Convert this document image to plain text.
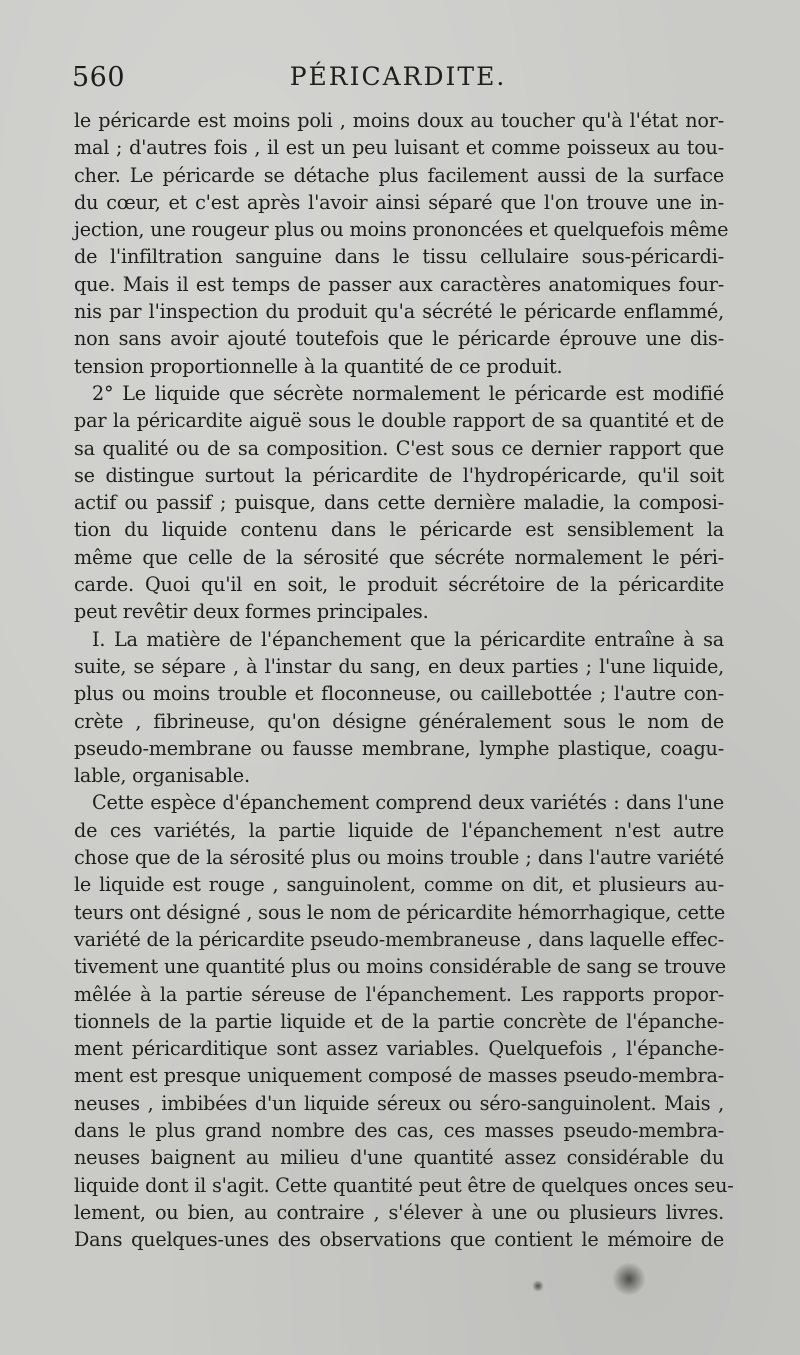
560	PÉRICARDITE.
le péricarde est moins poli , moins doux au toucher qu'à l'état nor-
mal ; d'autres fois , il est un peu luisant et comme poisseux au tou-
cher. Le péricarde se détache plus facilement aussi de la surface
du cœur, et c'est après l'avoir ainsi séparé que l'on trouve une in-
jection, une rougeur plus ou moins prononcées et quelquefois même
de l'infiltration sanguine dans le tissu cellulaire sous-péricardi-
que. Mais il est temps de passer aux caractères anatomiques four-
nis par l'inspection du produit qu'a sécrété le péricarde enflammé,
non sans avoir ajouté toutefois que le péricarde éprouve une dis-
tension proportionnelle à la quantité de ce produit.
2° Le liquide que sécrète normalement le péricarde est modifié
par la péricardite aiguë sous le double rapport de sa quantité et de
sa qualité ou de sa composition. C'est sous ce dernier rapport que
se distingue surtout la péricardite de l'hydropéricarde, qu'il soit
actif ou passif ; puisque, dans cette dernière maladie, la composi-
tion du liquide contenu dans le péricarde est sensiblement la
même que celle de la sérosité que sécréte normalement le péri-
carde. Quoi qu'il en soit, le produit sécrétoire de la péricardite
peut revêtir deux formes principales.
I. La matière de l'épanchement que la péricardite entraîne à sa
suite, se sépare , à l'instar du sang, en deux parties ; l'une liquide,
plus ou moins trouble et floconneuse, ou caillebottée ; l'autre con-
crète , fibrineuse, qu'on désigne généralement sous le nom de
pseudo-membrane ou fausse membrane, lymphe plastique, coagu-
lable, organisable.
Cette espèce d'épanchement comprend deux variétés : dans l'une
de ces variétés, la partie liquide de l'épanchement n'est autre
chose que de la sérosité plus ou moins trouble ; dans l'autre variété
le liquide est rouge , sanguinolent, comme on dit, et plusieurs au-
teurs ont désigné , sous le nom de péricardite hémorrhagique, cette
variété de la péricardite pseudo-membraneuse , dans laquelle effec-
tivement une quantité plus ou moins considérable de sang se trouve
mêlée à la partie séreuse de l'épanchement. Les rapports propor-
tionnels de la partie liquide et de la partie concrète de l'épanche-
ment péricarditique sont assez variables. Quelquefois , l'épanche-
ment est presque uniquement composé de masses pseudo-membra-
neuses , imbibées d'un liquide séreux ou séro-sanguinolent. Mais ,
dans le plus grand nombre des cas, ces masses pseudo-membra-
neuses baignent au milieu d'une quantité assez considérable du
liquide dont il s'agit. Cette quantité peut être de quelques onces seu-
lement, ou bien, au contraire , s'élever à une ou plusieurs livres.
Dans quelques-unes des observations que contient le mémoire de
